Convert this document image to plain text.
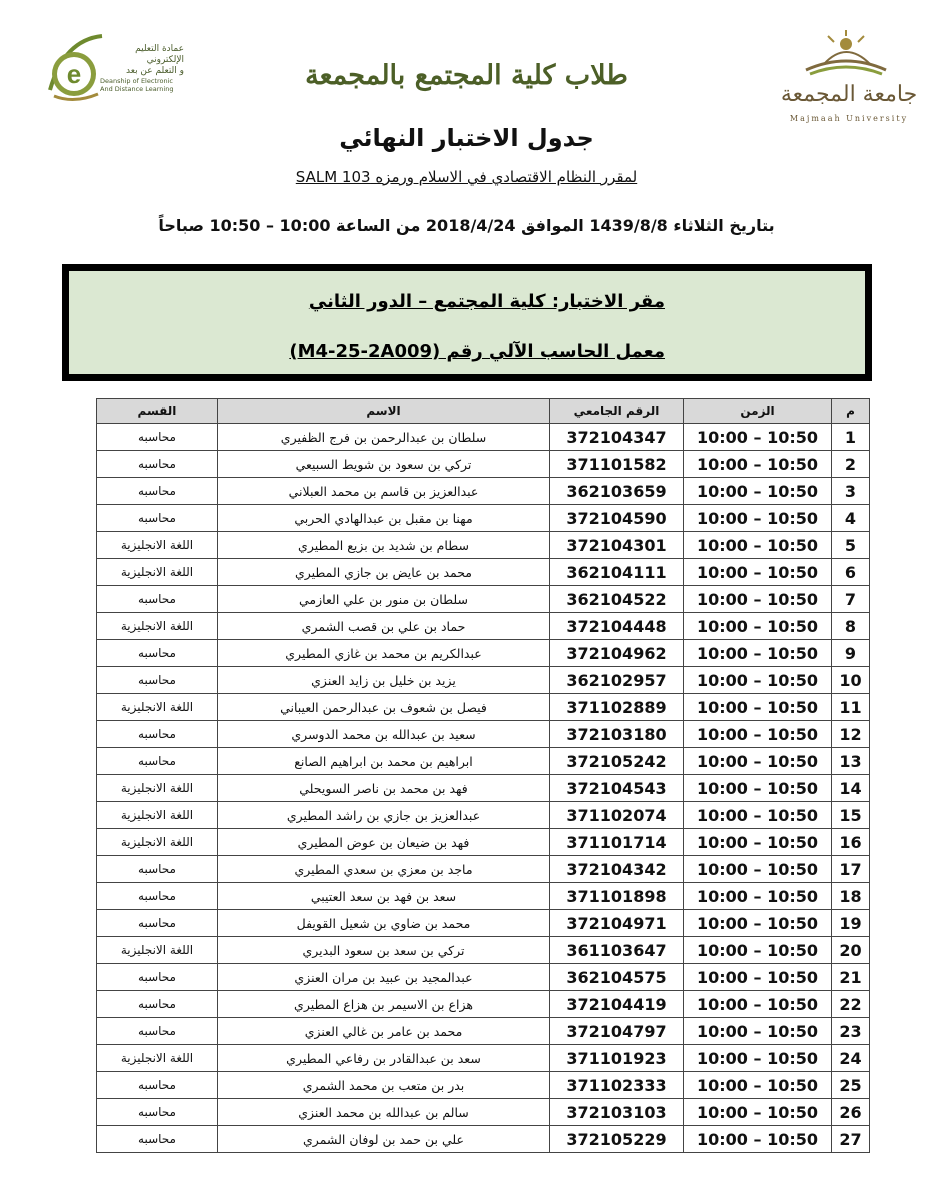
e
عمادة التعليم
الإلكتروني
و التعلم عن بعد
Deanship of Electronic
And Distance Learning	جامعة المجمعة
Majmaah University
طلاب كلية المجتمع بالمجمعة
جدول الاختبار النهائي
لمقرر النظام الاقتصادي في الاسلام ورمزه SALM 103
بتاريخ الثلاثاء 1439/8/8 الموافق 2018/4/24 من الساعة 10:00 – 10:50 صباحاً
مقر الاختبار: كلية المجتمع – الدور الثاني
معمل الحاسب الآلي رقم (M4-25-2A009)
م	الزمن	الرقم الجامعي	الاسم	القسم
1	10:00 – 10:50	372104347	سلطان بن عبدالرحمن بن فرج الظفيري	محاسبه
2	10:00 – 10:50	371101582	تركي بن سعود بن شويط السبيعي	محاسبه
3	10:00 – 10:50	362103659	عبدالعزيز بن قاسم بن محمد العبلاني	محاسبه
4	10:00 – 10:50	372104590	مهنا بن مقبل بن عبدالهادي الحربي	محاسبه
5	10:00 – 10:50	372104301	سطام بن شديد بن بزيع المطيري	اللغة الانجليزية
6	10:00 – 10:50	362104111	محمد بن عايض بن جازي المطيري	اللغة الانجليزية
7	10:00 – 10:50	362104522	سلطان بن منور بن علي العازمي	محاسبه
8	10:00 – 10:50	372104448	حماد بن علي بن قصب الشمري	اللغة الانجليزية
9	10:00 – 10:50	372104962	عبدالكريم بن محمد بن غازي المطيري	محاسبه
10	10:00 – 10:50	362102957	يزيد بن خليل بن زايد العنزي	محاسبه
11	10:00 – 10:50	371102889	فيصل بن شعوف بن عبدالرحمن العيباني	اللغة الانجليزية
12	10:00 – 10:50	372103180	سعيد بن عبدالله بن محمد الدوسري	محاسبه
13	10:00 – 10:50	372105242	ابراهيم بن محمد بن ابراهيم الصانع	محاسبه
14	10:00 – 10:50	372104543	فهد بن محمد بن ناصر السويحلي	اللغة الانجليزية
15	10:00 – 10:50	371102074	عبدالعزيز بن جازي بن راشد المطيري	اللغة الانجليزية
16	10:00 – 10:50	371101714	فهد بن ضيعان بن عوض المطيري	اللغة الانجليزية
17	10:00 – 10:50	372104342	ماجد بن معزي بن سعدي المطيري	محاسبه
18	10:00 – 10:50	371101898	سعد بن فهد بن سعد العتيبي	محاسبه
19	10:00 – 10:50	372104971	محمد بن ضاوي بن شعيل القويفل	محاسبه
20	10:00 – 10:50	361103647	تركي بن سعد بن سعود البديري	اللغة الانجليزية
21	10:00 – 10:50	362104575	عبدالمجيد بن عبيد بن مران العنزي	محاسبه
22	10:00 – 10:50	372104419	هزاع بن الاسيمر بن هزاع المطيري	محاسبه
23	10:00 – 10:50	372104797	محمد بن عامر بن غالي العنزي	محاسبه
24	10:00 – 10:50	371101923	سعد بن عبدالقادر بن رفاعي المطيري	اللغة الانجليزية
25	10:00 – 10:50	371102333	بدر بن متعب بن محمد الشمري	محاسبه
26	10:00 – 10:50	372103103	سالم بن عبدالله بن محمد العنزي	محاسبه
27	10:00 – 10:50	372105229	علي بن حمد بن لوفان الشمري	محاسبه
